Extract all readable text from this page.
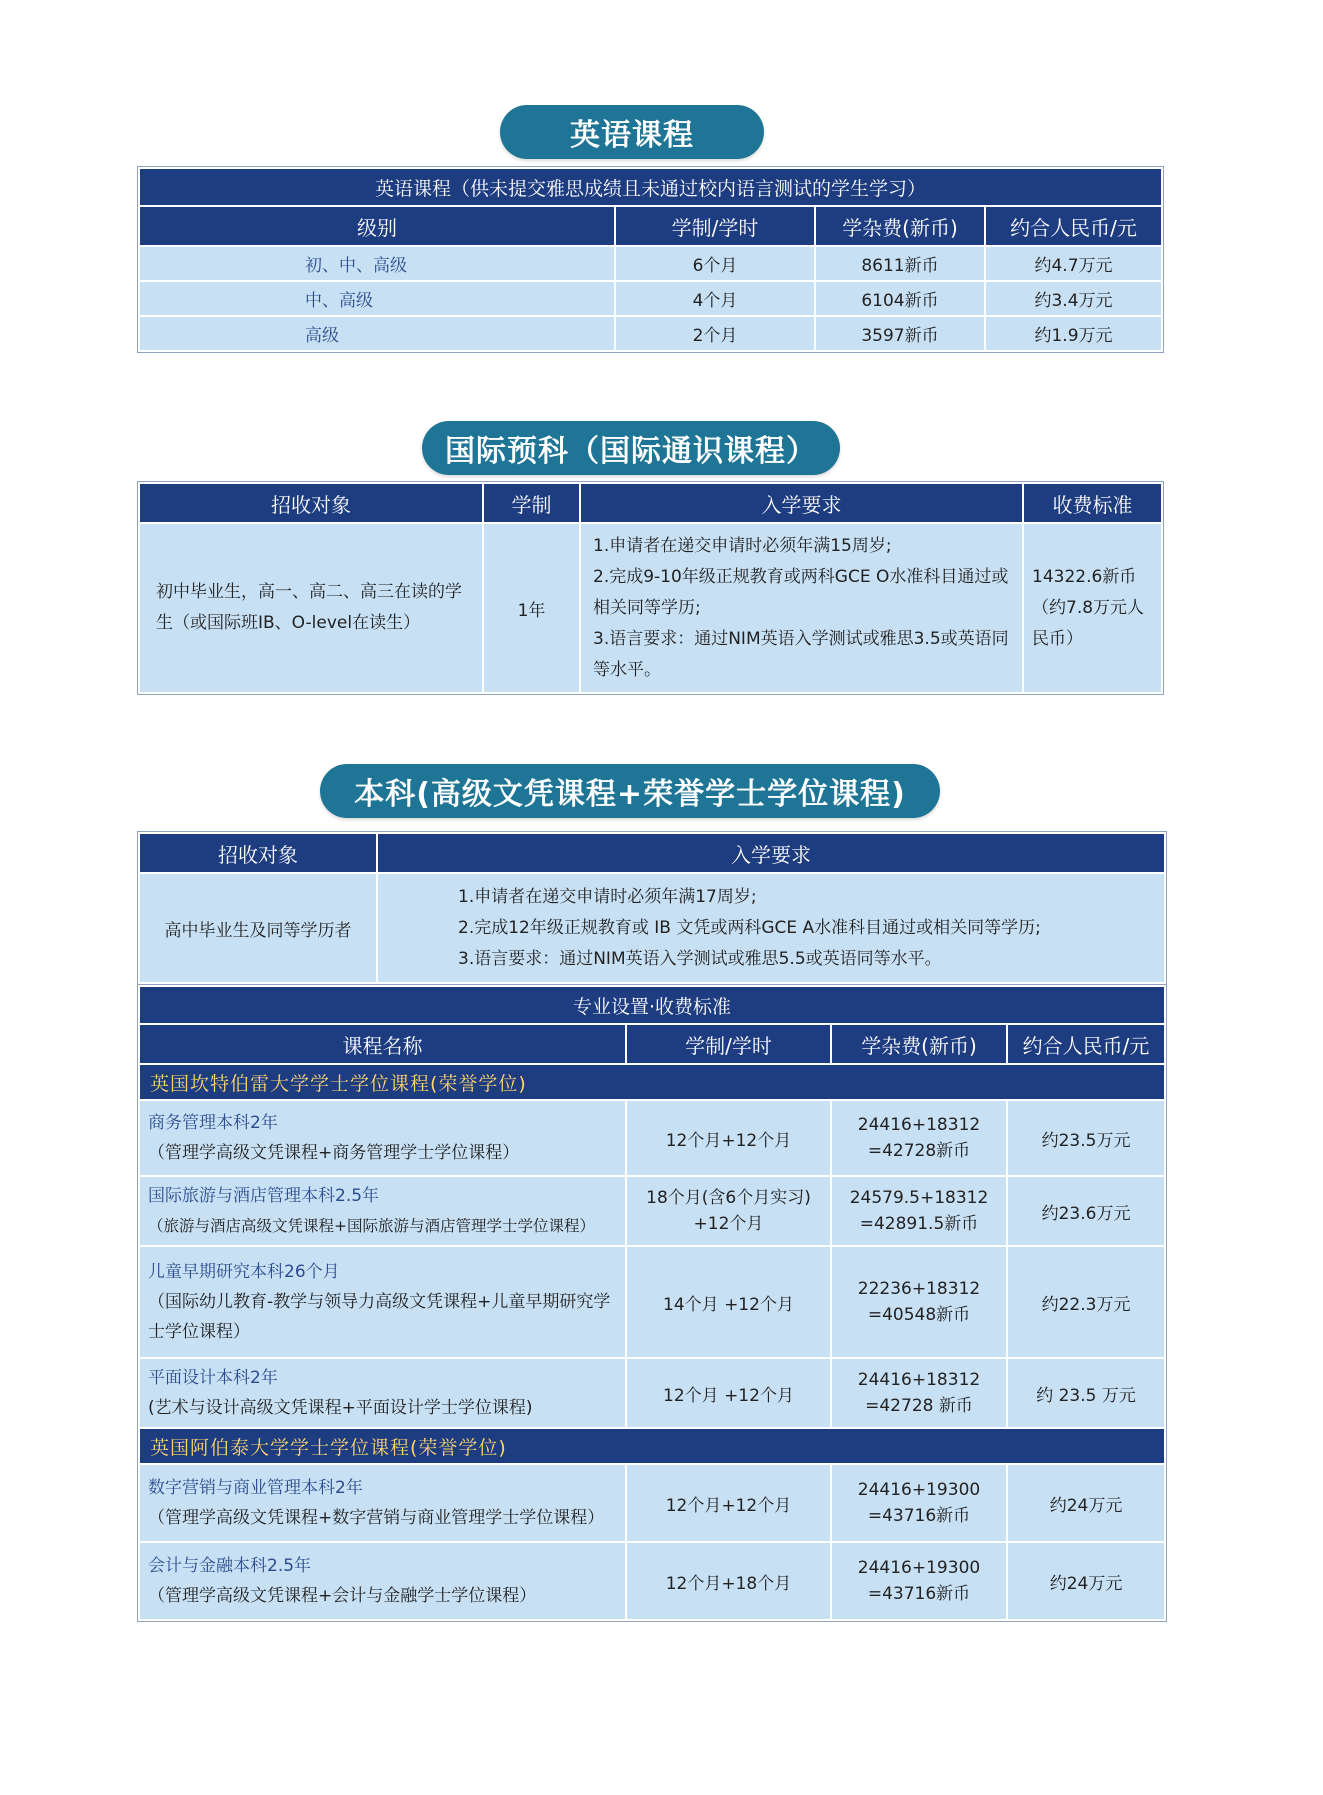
英语课程
英语课程（供未提交雅思成绩且未通过校内语言测试的学生学习）			
级别	学制/学时	学杂费(新币)	约合人民币/元
初、中、高级	6个月	8611新币	约4.7万元
中、高级	4个月	6104新币	约3.4万元
高级	2个月	3597新币	约1.9万元
国际预科（国际通识课程）
招收对象	学制	入学要求	收费标准
初中毕业生，高一、高二、高三在读的学生（或国际班IB、O-level在读生）	1年	1.申请者在递交申请时必须年满15周岁;
2.完成9-10年级正规教育或两科GCE O水准科目通过或相关同等学历;
3.语言要求：通过NIM英语入学测试或雅思3.5或英语同等水平。	14322.6新币（约7.8万元人民币）
本科(高级文凭课程+荣誉学士学位课程)
招收对象	入学要求
高中毕业生及同等学历者	1.申请者在递交申请时必须年满17周岁;
2.完成12年级正规教育或 IB 文凭或两科GCE A水准科目通过或相关同等学历;
3.语言要求：通过NIM英语入学测试或雅思5.5或英语同等水平。
专业设置·收费标准			
课程名称	学制/学时	学杂费(新币)	约合人民币/元
英国坎特伯雷大学学士学位课程(荣誉学位)			

商务管理本科2年
（管理学高级文凭课程+商务管理学士学位课程）	12个月+12个月	24416+18312
=42728新币	约23.5万元

国际旅游与酒店管理本科2.5年
（旅游与酒店高级文凭课程+国际旅游与酒店管理学士学位课程）	18个月(含6个月实习)
+12个月	24579.5+18312
=42891.5新币	约23.6万元

儿童早期研究本科26个月
（国际幼儿教育-教学与领导力高级文凭课程+儿童早期研究学士学位课程）	14个月 +12个月	22236+18312
=40548新币	约22.3万元

平面设计本科2年
(艺术与设计高级文凭课程+平面设计学士学位课程)	12个月 +12个月	24416+18312
=42728 新币	约 23.5 万元
英国阿伯泰大学学士学位课程(荣誉学位)			

数字营销与商业管理本科2年
（管理学高级文凭课程+数字营销与商业管理学士学位课程）	12个月+12个月	24416+19300
=43716新币	约24万元

会计与金融本科2.5年
（管理学高级文凭课程+会计与金融学士学位课程）	12个月+18个月	24416+19300
=43716新币	约24万元
